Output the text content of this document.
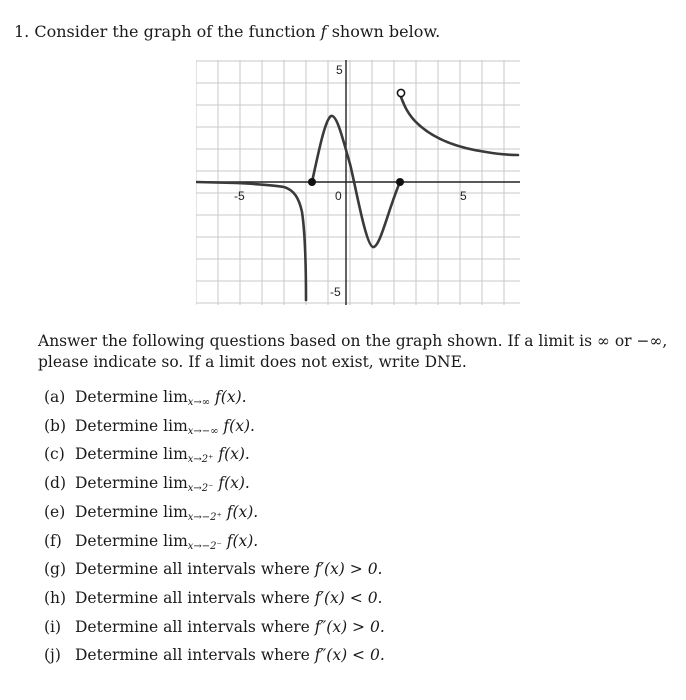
1. Consider the graph of the function f shown below.
-5	0	5
5
-5
Answer the following questions based on the graph shown. If a limit is ∞ or −∞, please indicate so. If a limit does not exist, write DNE.
(a) Determine $\lim_{x\to\infty} f(x)$.
(b) Determine $\lim_{x\to-\infty} f(x)$.
(c) Determine $\lim_{x\to 2^+} f(x)$.
(d) Determine $\lim_{x\to 2^-} f(x)$.
(e) Determine $\lim_{x\to-2^+} f(x)$.
(f) Determine $\lim_{x\to-2^-} f(x)$.
(g) Determine all intervals where f′(x) > 0.
(h) Determine all intervals where f′(x) < 0.
(i) Determine all intervals where f″(x) > 0.
(j) Determine all intervals where f″(x) < 0.
